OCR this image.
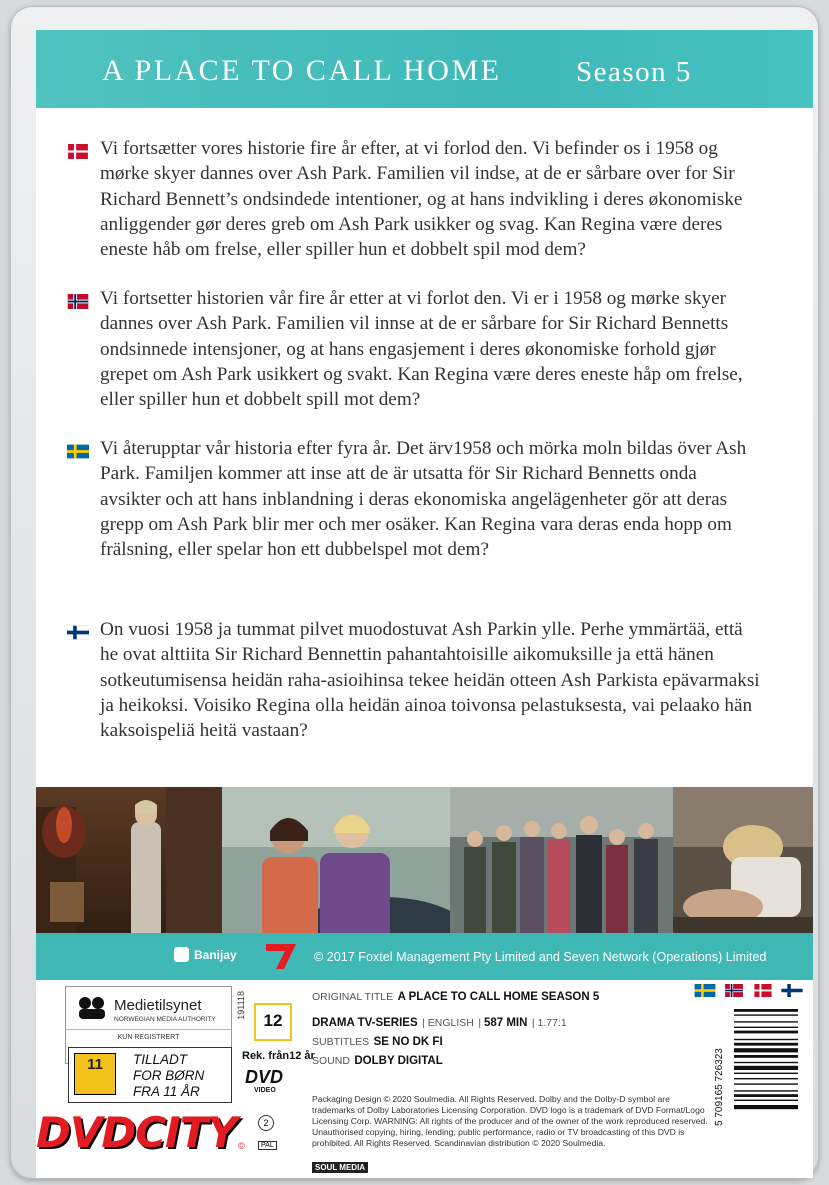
A PLACE TO CALL HOME	Season 5
Vi fortsætter vores historie fire år efter, at vi forlod den. Vi befinder os i 1958 og mørke skyer dannes over Ash Park. Familien vil indse, at de er sårbare over for Sir Richard Bennett’s ondsindede intentioner, og at hans indvikling i deres økonomiske anliggender gør deres greb om Ash Park usikker og svag. Kan Regina være deres eneste håb om frelse, eller spiller hun et dobbelt spil mod dem?
Vi fortsetter historien vår fire år etter at vi forlot den. Vi er i 1958 og mørke skyer dannes over Ash Park. Familien vil innse at de er sårbare for Sir Richard Bennetts ondsinnede intensjoner, og at hans engasjement i deres økonomiske forhold gjør grepet om Ash Park usikkert og svakt. Kan Regina være deres eneste håp om frelse, eller spiller hun et dobbelt spill mot dem?
Vi återupptar vår historia efter fyra år. Det ärv1958 och mörka moln bildas över Ash Park. Familjen kommer att inse att de är utsatta för Sir Richard Bennetts onda avsikter och att hans inblandning i deras ekonomiska angelägenheter gör att deras grepp om Ash Park blir mer och mer osäker. Kan Regina vara deras enda hopp om frälsning, eller spelar hon ett dubbelspel mot dem?
On vuosi 1958 ja tummat pilvet muodostuvat Ash Parkin ylle. Perhe ymmärtää, että he ovat alttiita Sir Richard Bennettin pahantahtoisille aikomuksille ja että hänen sotkeutumisensa heidän raha-asioihinsa tekee heidän otteen Ash Parkista epävarmaksi ja heikoksi. Voisiko Regina olla heidän ainoa toivonsa pelastuksesta, vai pelaako hän kaksoispeliä heitä vastaan?
Banijay	© 2017 Foxtel Management Pty Limited and Seven Network (Operations) Limited
Medietilsynet
NORWEGIAN MEDIA AUTHORITY
KUN REGISTRERT
191118
11	TILLADT
FOR BØRN
FRA 11 ÅR
12
Rek. från12 år
DVD
VIDEO
2
PAL
DVDCITY ©
ORIGINAL TITLE A PLACE TO CALL HOME SEASON 5
DRAMA TV-SERIES | ENGLISH | 587 MIN | 1.77:1
SUBTITLES SE NO DK FI
SOUND DOLBY DIGITAL
Packaging Design © 2020 Soulmedia. All Rights Reserved. Dolby and the Dolby-D symbol are trademarks of Dolby Laboratories Licensing Corporation. DVD logo is a trademark of DVD Format/Logo Licensing Corp. WARNING: All rights of the producer and of the owner of the work reproduced reserved. Unauthorised copying, hiring, lending, public performance, radio or TV broadcasting of this DVD is prohibited. All Rights Reserved. Scandinavian distribution © 2020 Soulmedia.
SOUL MEDIA
5 709165 726323
